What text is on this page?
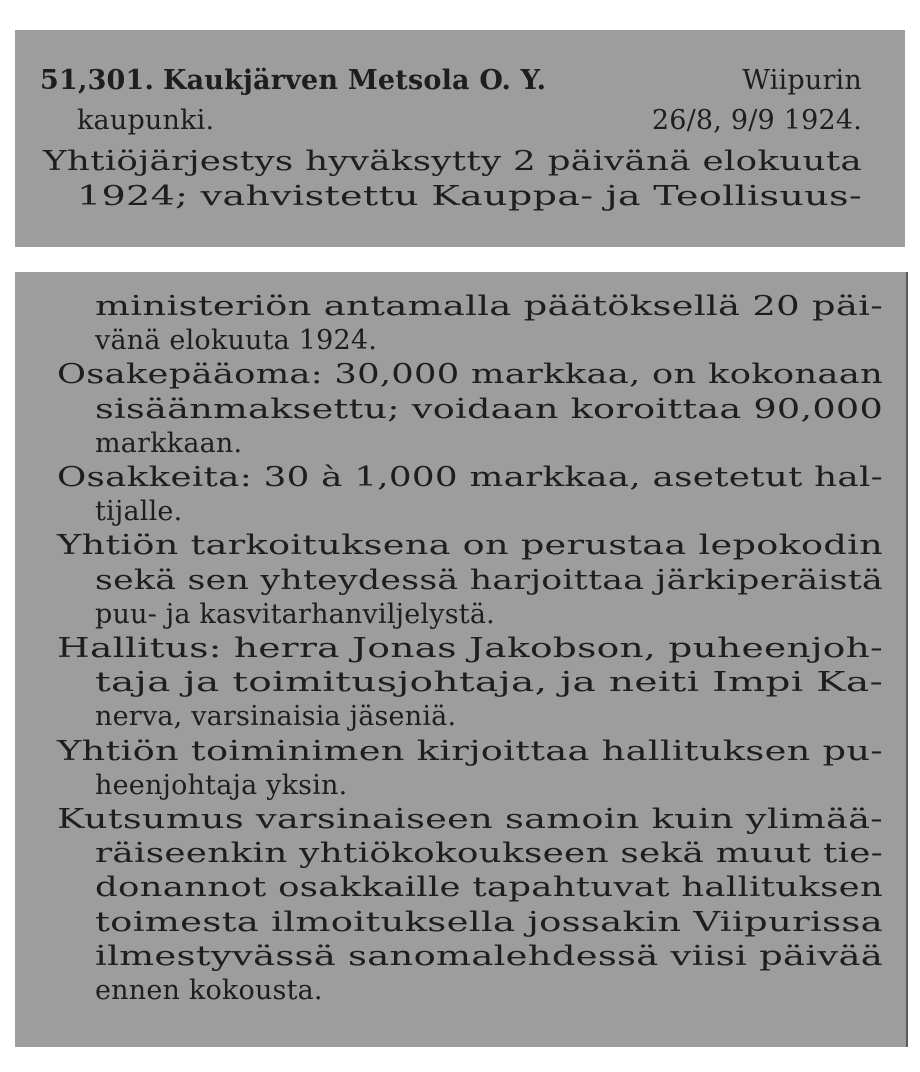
51,301. Kaukjärven Metsola O. Y.	Wiipurin
kaupunki.	26/8, 9/9 1924.
Yhtiöjärjestys hyväksytty 2 päivänä elokuuta
1924; vahvistettu Kauppa- ja Teollisuus-
ministeriön antamalla päätöksellä 20 päi-
vänä elokuuta 1924.
Osakepääoma: 30,000 markkaa, on kokonaan
sisäänmaksettu; voidaan koroittaa 90,000
markkaan.
Osakkeita: 30 à 1,000 markkaa, asetetut hal-
tijalle.
Yhtiön tarkoituksena on perustaa lepokodin
sekä sen yhteydessä harjoittaa järkiperäistä
puu- ja kasvitarhanviljelystä.
Hallitus: herra Jonas Jakobson, puheenjoh-
taja ja toimitusjohtaja, ja neiti Impi Ka-
nerva, varsinaisia jäseniä.
Yhtiön toiminimen kirjoittaa hallituksen pu-
heenjohtaja yksin.
Kutsumus varsinaiseen samoin kuin ylimää-
räiseenkin yhtiökokoukseen sekä muut tie-
donannot osakkaille tapahtuvat hallituksen
toimesta ilmoituksella jossakin Viipurissa
ilmestyvässä sanomalehdessä viisi päivää
ennen kokousta.
